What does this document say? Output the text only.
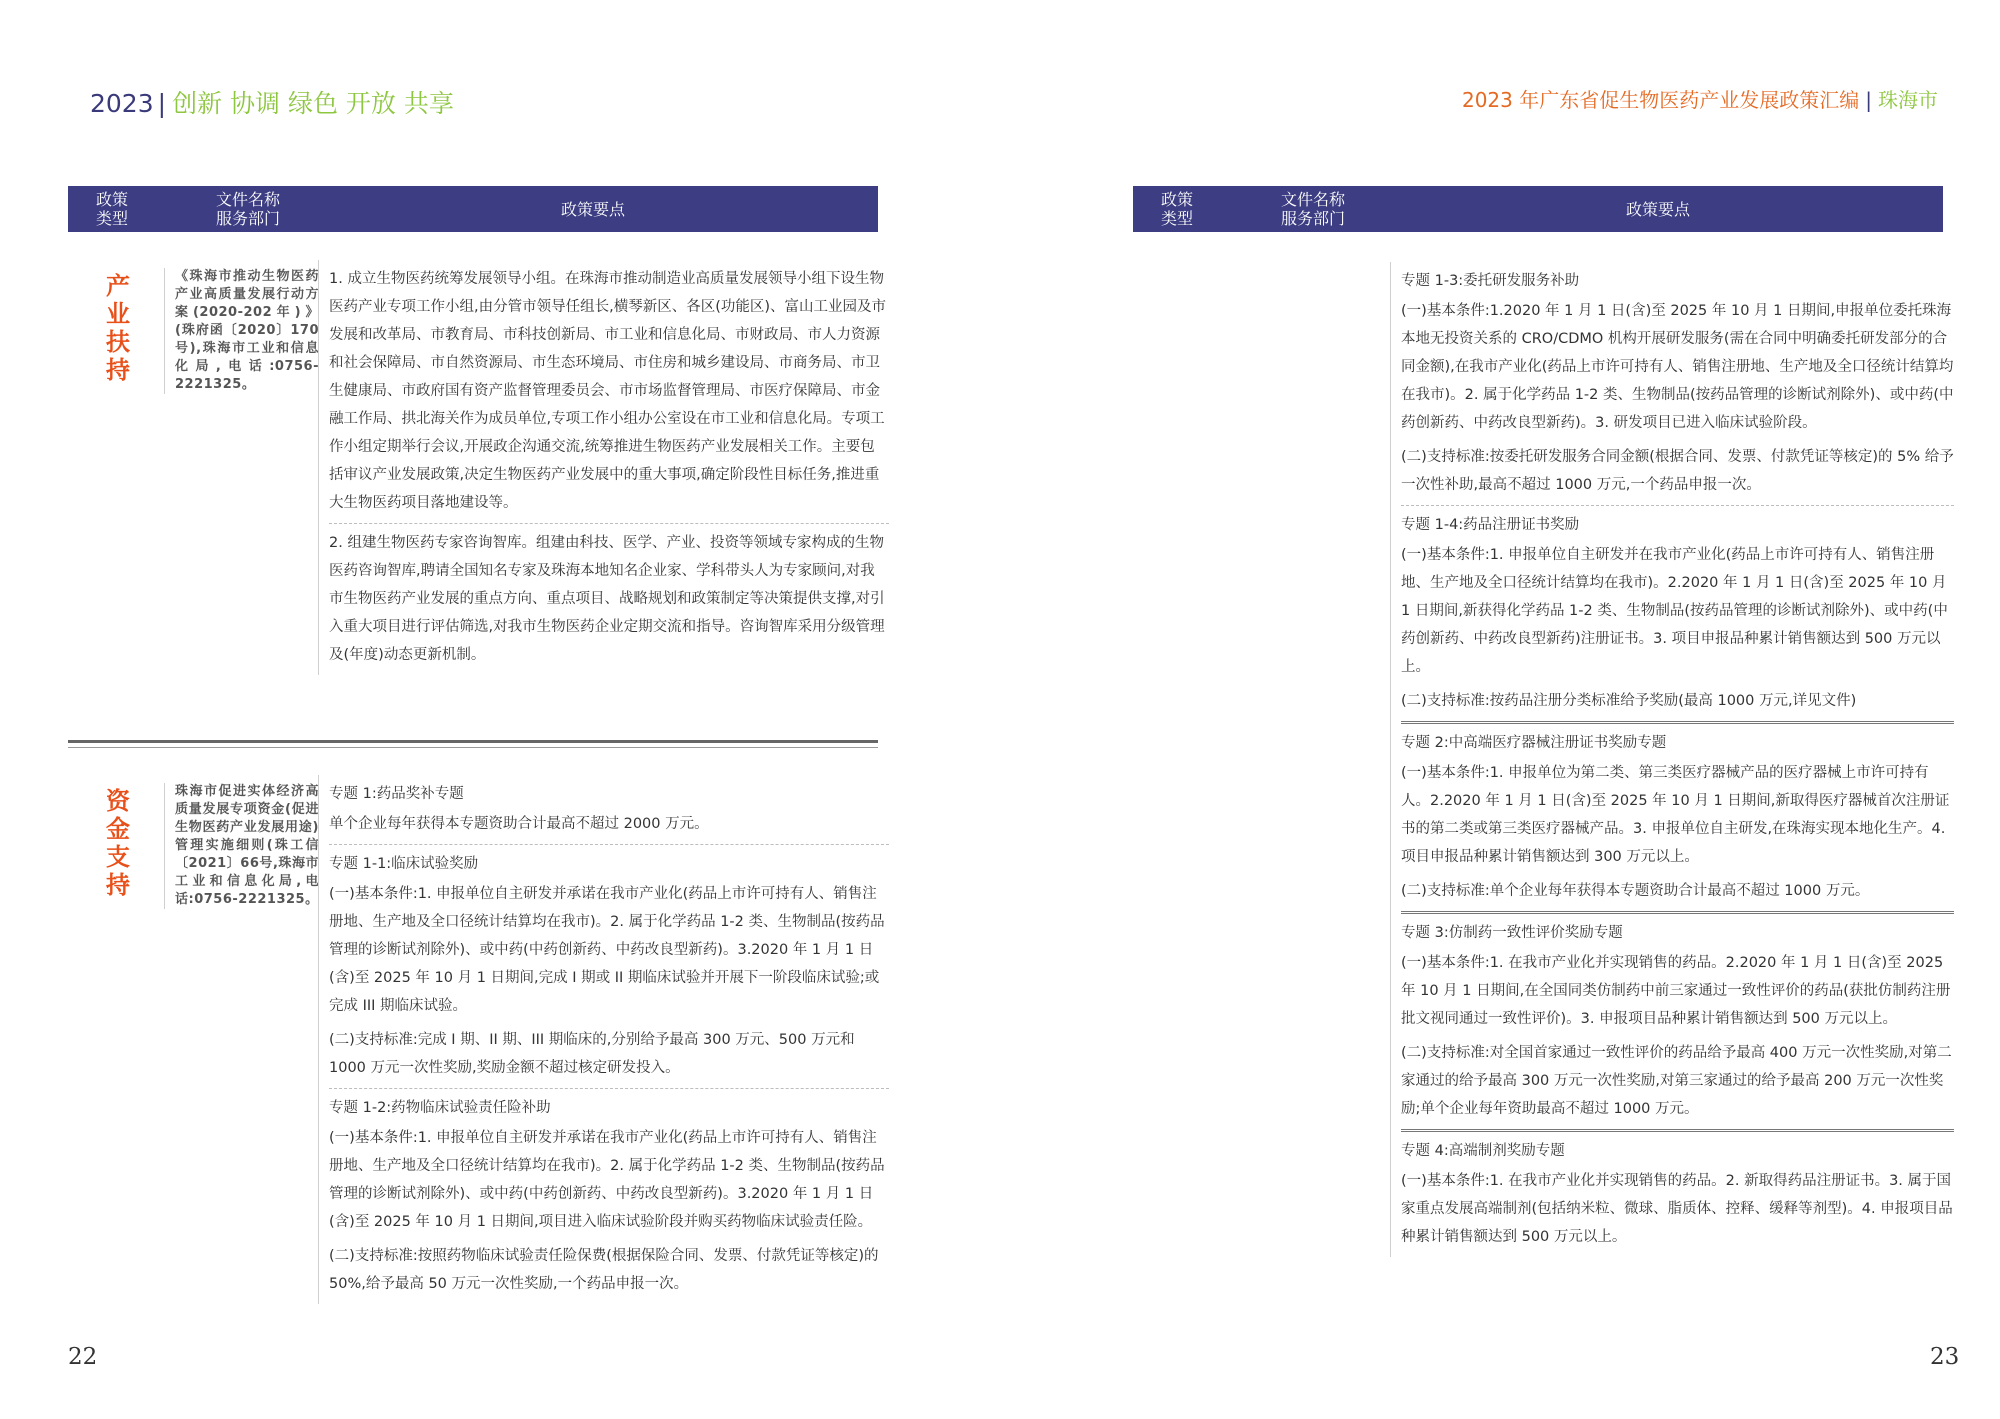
2023 | 创新 协调 绿色 开放 共享
政策
类型
文件名称
服务部门	政策要点
产业扶持
《珠海市推动生物医药产业高质量发展行动方案(2020-202年)》(珠府函〔2020〕170号),珠海市工业和信息化局,电话:0756-2221325。

1. 成立生物医药统筹发展领导小组。在珠海市推动制造业高质量发展领导小组下设生物医药产业专项工作小组,由分管市领导任组长,横琴新区、各区(功能区)、富山工业园及市发展和改革局、市教育局、市科技创新局、市工业和信息化局、市财政局、市人力资源和社会保障局、市自然资源局、市生态环境局、市住房和城乡建设局、市商务局、市卫生健康局、市政府国有资产监督管理委员会、市市场监督管理局、市医疗保障局、市金融工作局、拱北海关作为成员单位,专项工作小组办公室设在市工业和信息化局。专项工作小组定期举行会议,开展政企沟通交流,统筹推进生物医药产业发展相关工作。主要包括审议产业发展政策,决定生物医药产业发展中的重大事项,确定阶段性目标任务,推进重大生物医药项目落地建设等。

2. 组建生物医药专家咨询智库。组建由科技、医学、产业、投资等领域专家构成的生物医药咨询智库,聘请全国知名专家及珠海本地知名企业家、学科带头人为专家顾问,对我市生物医药产业发展的重点方向、重点项目、战略规划和政策制定等决策提供支撑,对引入重大项目进行评估筛选,对我市生物医药企业定期交流和指导。咨询智库采用分级管理及(年度)动态更新机制。

资金支持
珠海市促进实体经济高质量发展专项资金(促进生物医药产业发展用途)管理实施细则(珠工信〔2021〕66号,珠海市工业和信息化局,电话:0756-2221325。

专题 1:药品奖补专题

单个企业每年获得本专题资助合计最高不超过 2000 万元。

专题 1-1:临床试验奖励

(一)基本条件:1. 申报单位自主研发并承诺在我市产业化(药品上市许可持有人、销售注册地、生产地及全口径统计结算均在我市)。2. 属于化学药品 1-2 类、生物制品(按药品管理的诊断试剂除外)、或中药(中药创新药、中药改良型新药)。3.2020 年 1 月 1 日(含)至 2025 年 10 月 1 日期间,完成 I 期或 II 期临床试验并开展下一阶段临床试验;或完成 III 期临床试验。

(二)支持标准:完成 I 期、II 期、III 期临床的,分别给予最高 300 万元、500 万元和 1000 万元一次性奖励,奖励金额不超过核定研发投入。

专题 1-2:药物临床试验责任险补助

(一)基本条件:1. 申报单位自主研发并承诺在我市产业化(药品上市许可持有人、销售注册地、生产地及全口径统计结算均在我市)。2. 属于化学药品 1-2 类、生物制品(按药品管理的诊断试剂除外)、或中药(中药创新药、中药改良型新药)。3.2020 年 1 月 1 日(含)至 2025 年 10 月 1 日期间,项目进入临床试验阶段并购买药物临床试验责任险。

(二)支持标准:按照药物临床试验责任险保费(根据保险合同、发票、付款凭证等核定)的 50%,给予最高 50 万元一次性奖励,一个药品申报一次。

22
2023 年广东省促生物医药产业发展政策汇编 | 珠海市
政策
类型
文件名称
服务部门	政策要点
23

专题 1-3:委托研发服务补助

(一)基本条件:1.2020 年 1 月 1 日(含)至 2025 年 10 月 1 日期间,申报单位委托珠海本地无投资关系的 CRO/CDMO 机构开展研发服务(需在合同中明确委托研发部分的合同金额),在我市产业化(药品上市许可持有人、销售注册地、生产地及全口径统计结算均在我市)。2. 属于化学药品 1-2 类、生物制品(按药品管理的诊断试剂除外)、或中药(中药创新药、中药改良型新药)。3. 研发项目已进入临床试验阶段。

(二)支持标准:按委托研发服务合同金额(根据合同、发票、付款凭证等核定)的 5% 给予一次性补助,最高不超过 1000 万元,一个药品申报一次。

专题 1-4:药品注册证书奖励

(一)基本条件:1. 申报单位自主研发并在我市产业化(药品上市许可持有人、销售注册地、生产地及全口径统计结算均在我市)。2.2020 年 1 月 1 日(含)至 2025 年 10 月 1 日期间,新获得化学药品 1-2 类、生物制品(按药品管理的诊断试剂除外)、或中药(中药创新药、中药改良型新药)注册证书。3. 项目申报品种累计销售额达到 500 万元以上。

(二)支持标准:按药品注册分类标准给予奖励(最高 1000 万元,详见文件)

专题 2:中高端医疗器械注册证书奖励专题

(一)基本条件:1. 申报单位为第二类、第三类医疗器械产品的医疗器械上市许可持有人。2.2020 年 1 月 1 日(含)至 2025 年 10 月 1 日期间,新取得医疗器械首次注册证书的第二类或第三类医疗器械产品。3. 申报单位自主研发,在珠海实现本地化生产。4. 项目申报品种累计销售额达到 300 万元以上。

(二)支持标准:单个企业每年获得本专题资助合计最高不超过 1000 万元。

专题 3:仿制药一致性评价奖励专题

(一)基本条件:1. 在我市产业化并实现销售的药品。2.2020 年 1 月 1 日(含)至 2025 年 10 月 1 日期间,在全国同类仿制药中前三家通过一致性评价的药品(获批仿制药注册批文视同通过一致性评价)。3. 申报项目品种累计销售额达到 500 万元以上。

(二)支持标准:对全国首家通过一致性评价的药品给予最高 400 万元一次性奖励,对第二家通过的给予最高 300 万元一次性奖励,对第三家通过的给予最高 200 万元一次性奖励;单个企业每年资助最高不超过 1000 万元。

专题 4:高端制剂奖励专题

(一)基本条件:1. 在我市产业化并实现销售的药品。2. 新取得药品注册证书。3. 属于国家重点发展高端制剂(包括纳米粒、微球、脂质体、控释、缓释等剂型)。4. 申报项目品种累计销售额达到 500 万元以上。
